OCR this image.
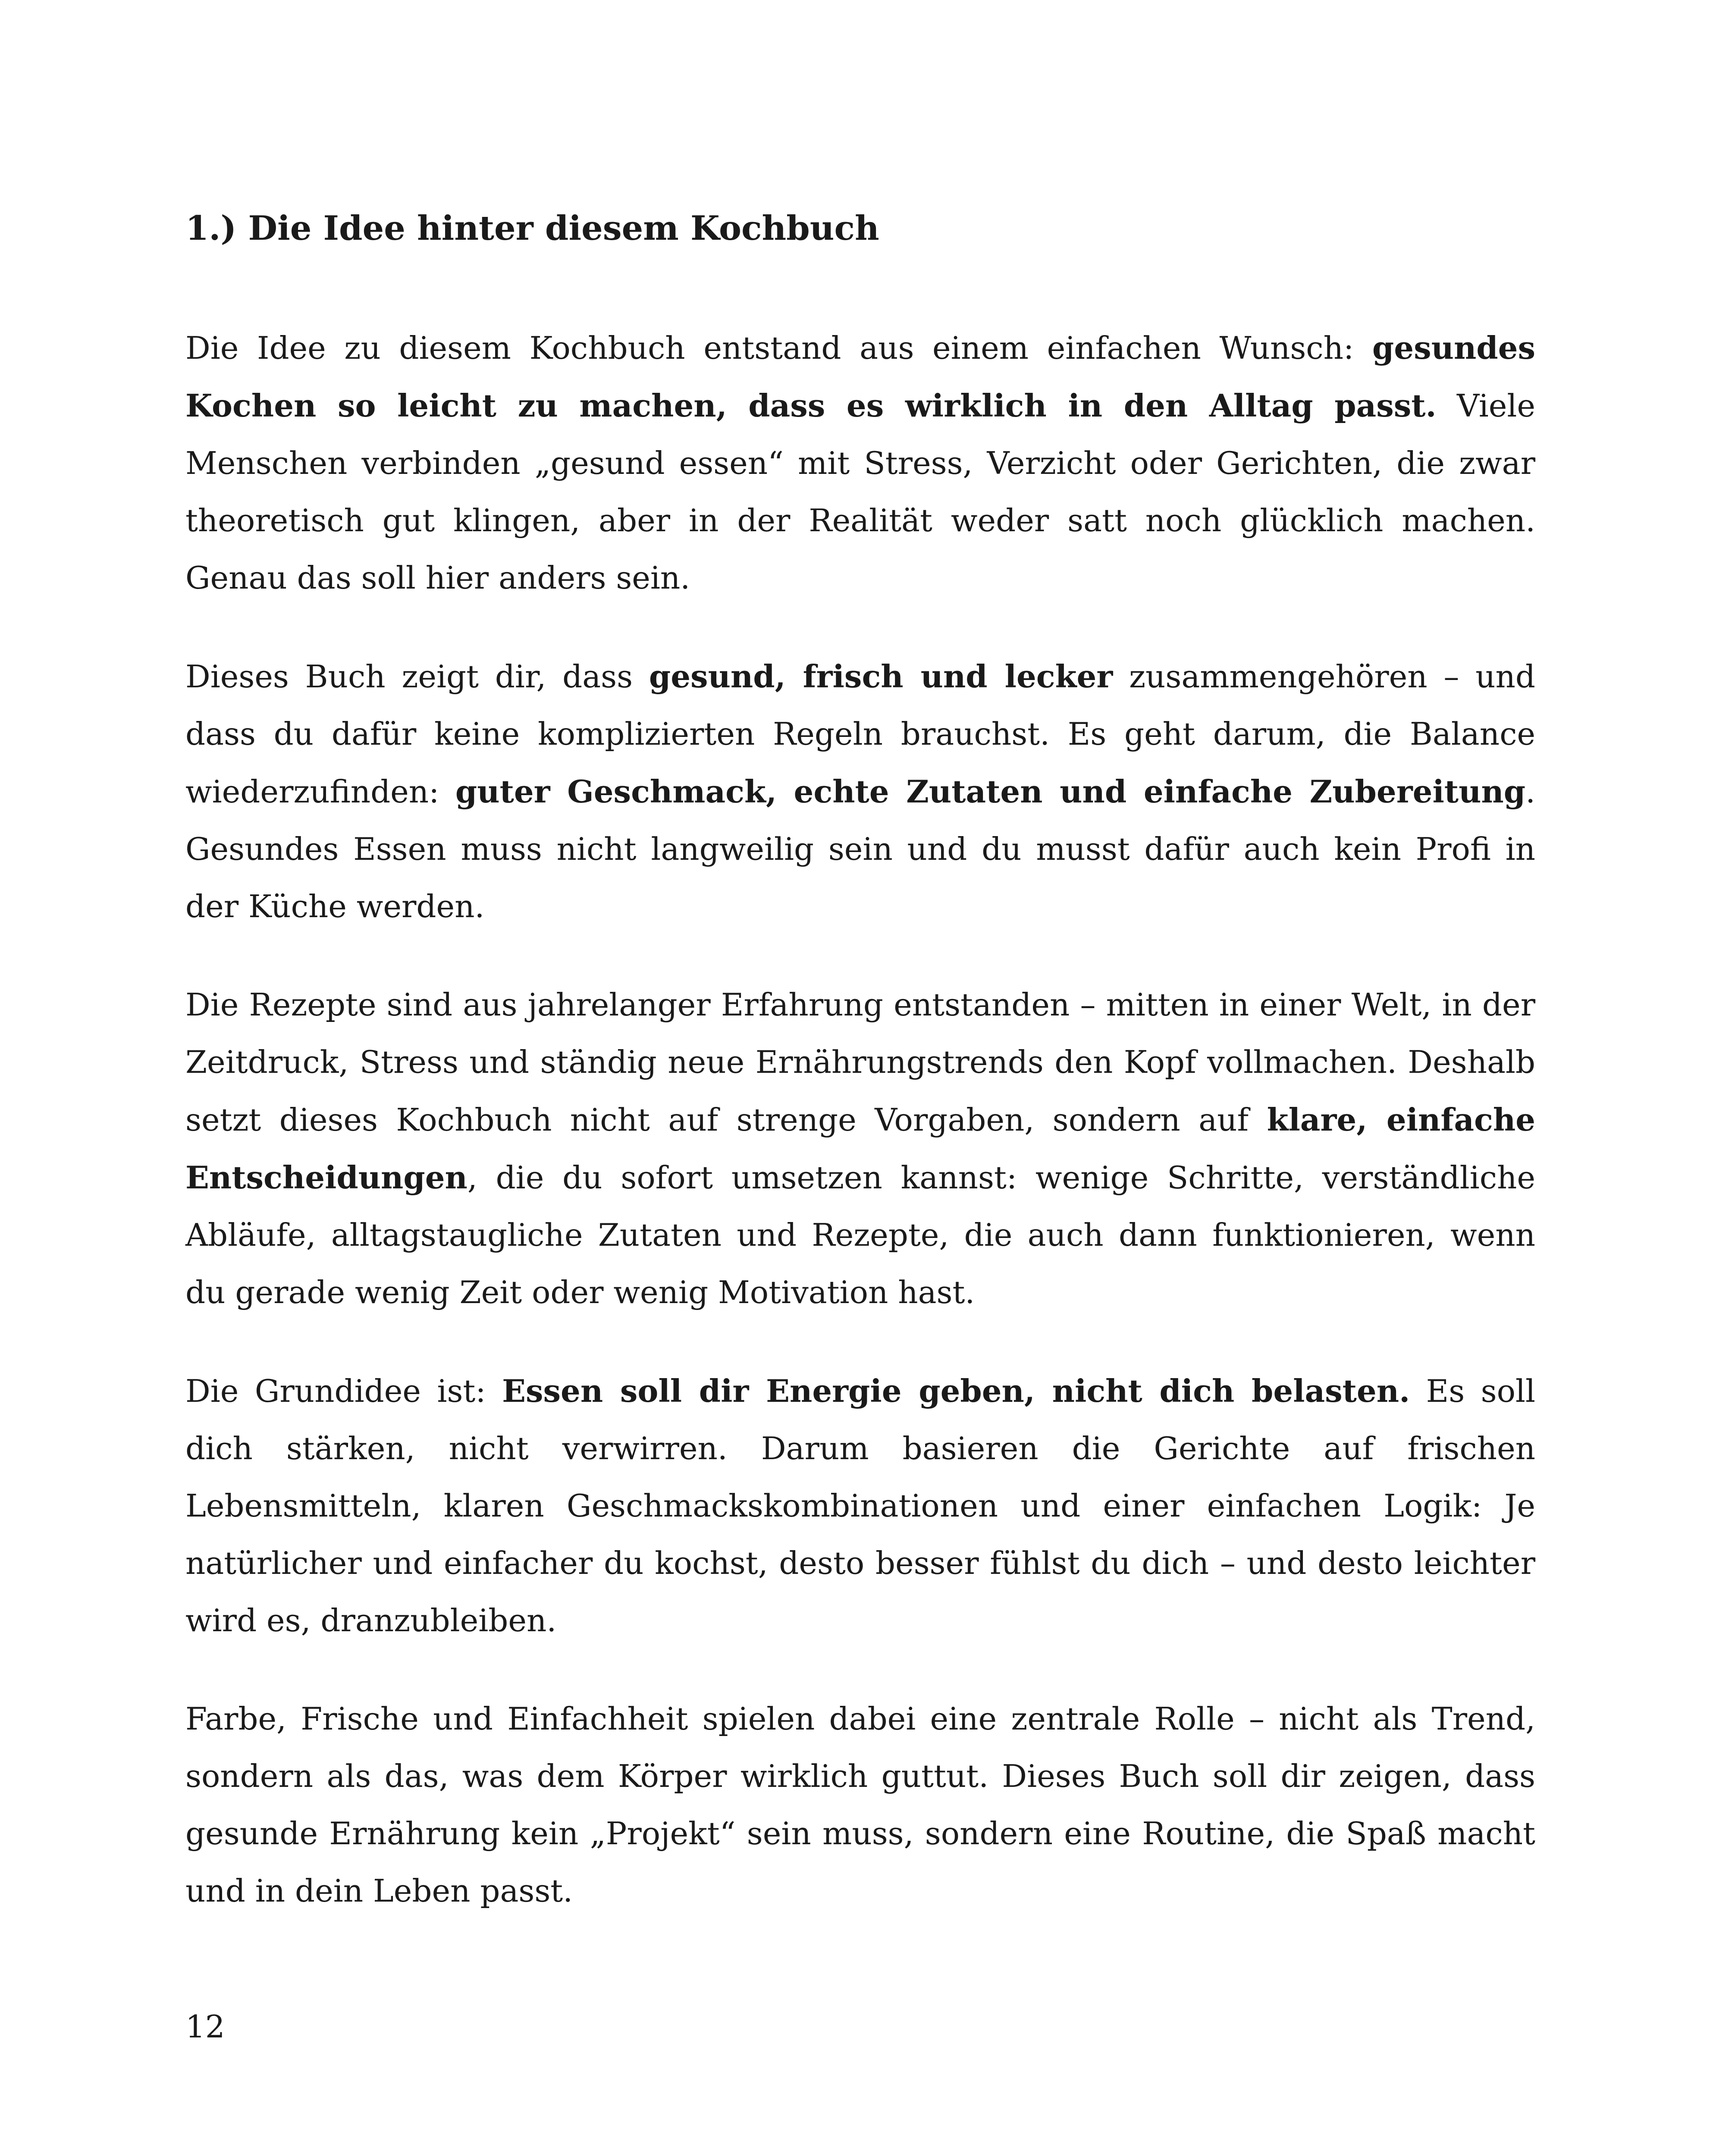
1.) Die Idee hinter diesem Kochbuch

Die Idee zu diesem Kochbuch entstand aus einem einfachen Wunsch: gesundes Kochen so leicht zu machen, dass es wirklich in den Alltag passt. Viele Menschen verbinden „gesund essen“ mit Stress, Verzicht oder Gerichten, die zwar theoretisch gut klingen, aber in der Realität weder satt noch glücklich machen. Genau das soll hier anders sein.

Dieses Buch zeigt dir, dass gesund, frisch und lecker zusammengehören – und dass du dafür keine komplizierten Regeln brauchst. Es geht darum, die Balance wiederzufinden: guter Geschmack, echte Zutaten und einfache Zubereitung. Gesundes Essen muss nicht langweilig sein und du musst dafür auch kein Profi in der Küche werden.

Die Rezepte sind aus jahrelanger Erfahrung entstanden – mitten in einer Welt, in der Zeitdruck, Stress und ständig neue Ernährungstrends den Kopf vollmachen. Deshalb setzt dieses Kochbuch nicht auf strenge Vorgaben, sondern auf klare, einfache Entscheidungen, die du sofort umsetzen kannst: wenige Schritte, verständliche Abläufe, alltagstaugliche Zutaten und Rezepte, die auch dann funktionieren, wenn du gerade wenig Zeit oder wenig Motivation hast.

Die Grundidee ist: Essen soll dir Energie geben, nicht dich belasten. Es soll dich stärken, nicht verwirren. Darum basieren die Gerichte auf frischen Lebensmitteln, klaren Geschmackskombinationen und einer einfachen Logik: Je natürlicher und einfacher du kochst, desto besser fühlst du dich – und desto leichter wird es, dranzubleiben.

Farbe, Frische und Einfachheit spielen dabei eine zentrale Rolle – nicht als Trend, sondern als das, was dem Körper wirklich guttut. Dieses Buch soll dir zeigen, dass gesunde Ernährung kein „Projekt“ sein muss, sondern eine Routine, die Spaß macht und in dein Leben passt.

12
